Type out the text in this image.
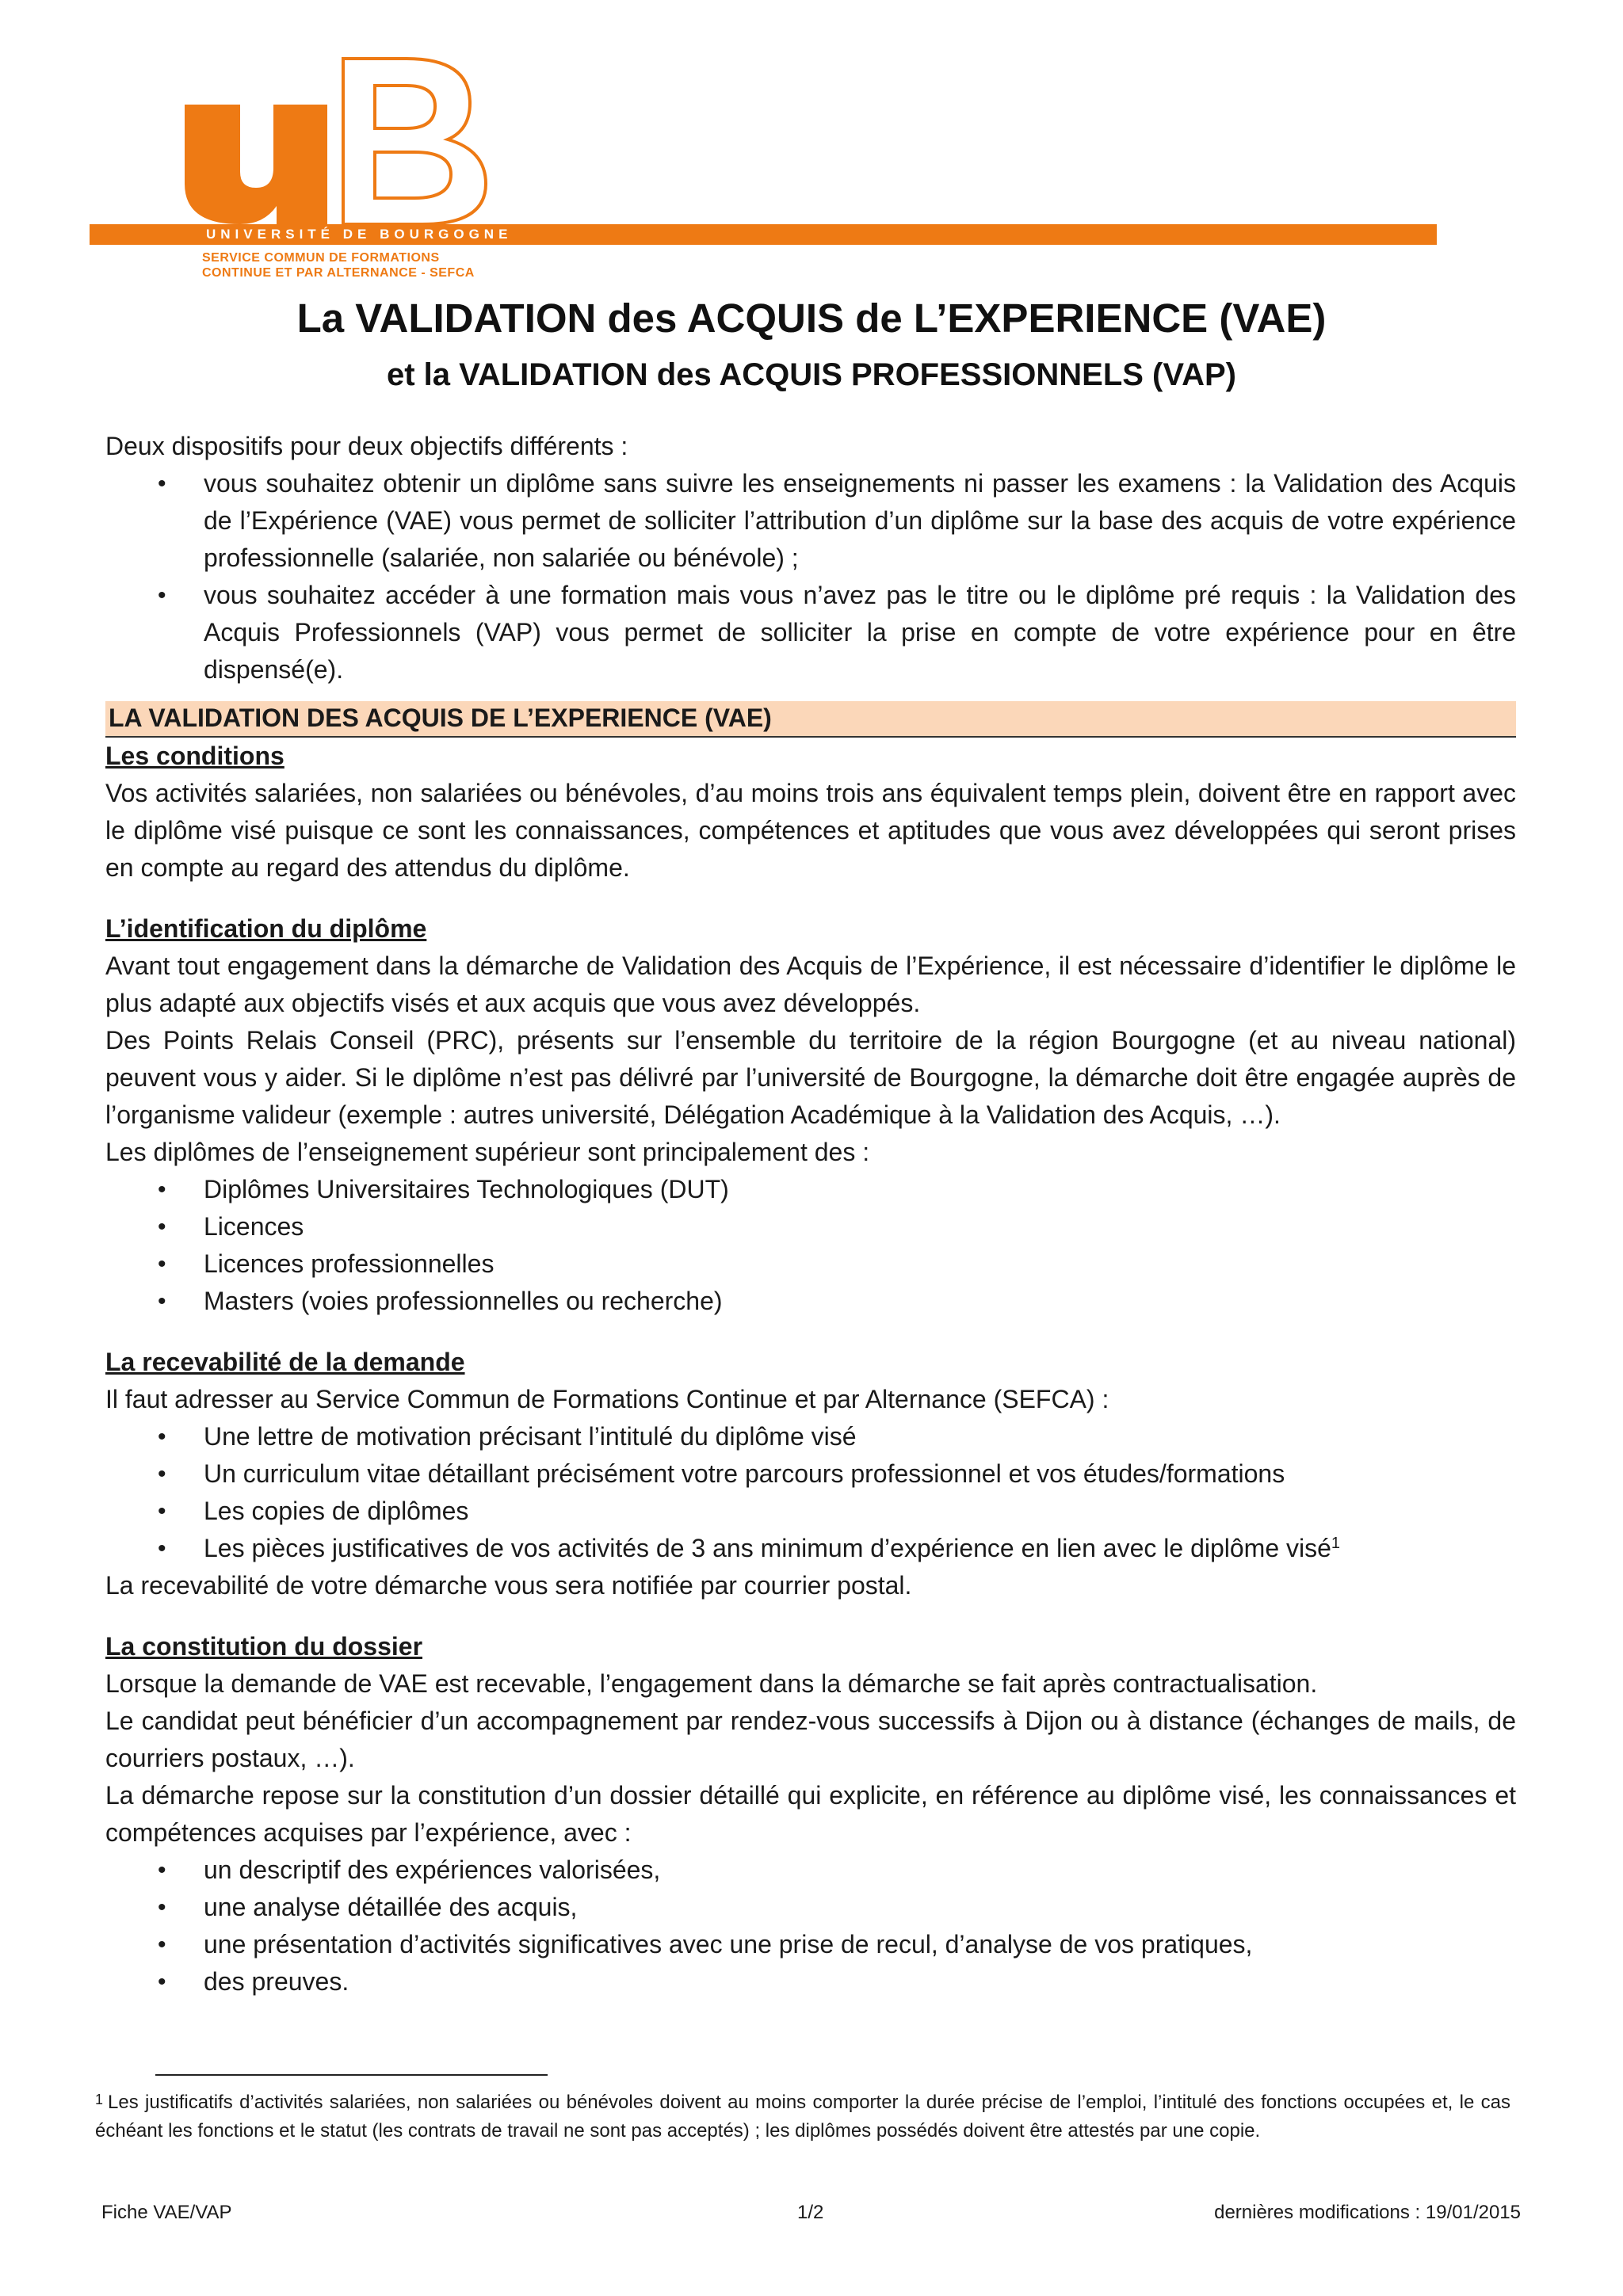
UNIVERSITÉ DE BOURGOGNE
SERVICE COMMUN DE FORMATIONS
CONTINUE ET PAR ALTERNANCE - SEFCA
La VALIDATION des ACQUIS de L’EXPERIENCE (VAE)
et la VALIDATION des ACQUIS PROFESSIONNELS (VAP)

Deux dispositifs pour deux objectifs différents :

• vous souhaitez obtenir un diplôme sans suivre les enseignements ni passer les examens : la Validation des Acquis de l’Expérience (VAE) vous permet de solliciter l’attribution d’un diplôme sur la base des acquis de votre expérience professionnelle (salariée, non salariée ou bénévole) ;
• vous souhaitez accéder à une formation mais vous n’avez pas le titre ou le diplôme pré requis : la Validation des Acquis Professionnels (VAP) vous permet de solliciter la prise en compte de votre expérience pour en être dispensé(e).
LA VALIDATION DES ACQUIS DE L’EXPERIENCE (VAE)

Les conditions

Vos activités salariées, non salariées ou bénévoles, d’au moins trois ans équivalent temps plein, doivent être en rapport avec le diplôme visé puisque ce sont les connaissances, compétences et aptitudes que vous avez développées qui seront prises en compte au regard des attendus du diplôme.

L’identification du diplôme

Avant tout engagement dans la démarche de Validation des Acquis de l’Expérience, il est nécessaire d’identifier le diplôme le plus adapté aux objectifs visés et aux acquis que vous avez développés.

Des Points Relais Conseil (PRC), présents sur l’ensemble du territoire de la région Bourgogne (et au niveau national) peuvent vous y aider. Si le diplôme n’est pas délivré par l’université de Bourgogne, la démarche doit être engagée auprès de l’organisme valideur (exemple : autres université, Délégation Académique à la Validation des Acquis, …).

Les diplômes de l’enseignement supérieur sont principalement des :

• Diplômes Universitaires Technologiques (DUT)
• Licences
• Licences professionnelles
• Masters (voies professionnelles ou recherche)

La recevabilité de la demande

Il faut adresser au Service Commun de Formations Continue et par Alternance (SEFCA) :

• Une lettre de motivation précisant l’intitulé du diplôme visé
• Un curriculum vitae détaillant précisément votre parcours professionnel et vos études/formations
• Les copies de diplômes
• Les pièces justificatives de vos activités de 3 ans minimum d’expérience en lien avec le diplôme visé$^1$

La recevabilité de votre démarche vous sera notifiée par courrier postal.

La constitution du dossier

Lorsque la demande de VAE est recevable, l’engagement dans la démarche se fait après contractualisation.

Le candidat peut bénéficier d’un accompagnement par rendez-vous successifs à Dijon ou à distance (échanges de mails, de courriers postaux, …).

La démarche repose sur la constitution d’un dossier détaillé qui explicite, en référence au diplôme visé, les connaissances et compétences acquises par l’expérience, avec :

• un descriptif des expériences valorisées,
• une analyse détaillée des acquis,
• une présentation d’activités significatives avec une prise de recul, d’analyse de vos pratiques,
• des preuves.
$^1$ Les justificatifs d’activités salariées, non salariées ou bénévoles doivent au moins comporter la durée précise de l’emploi, l’intitulé des fonctions occupées et, le cas échéant les fonctions et le statut (les contrats de travail ne sont pas acceptés) ; les diplômes possédés doivent être attestés par une copie.
Fiche VAE/VAP	1/2	dernières modifications : 19/01/2015
